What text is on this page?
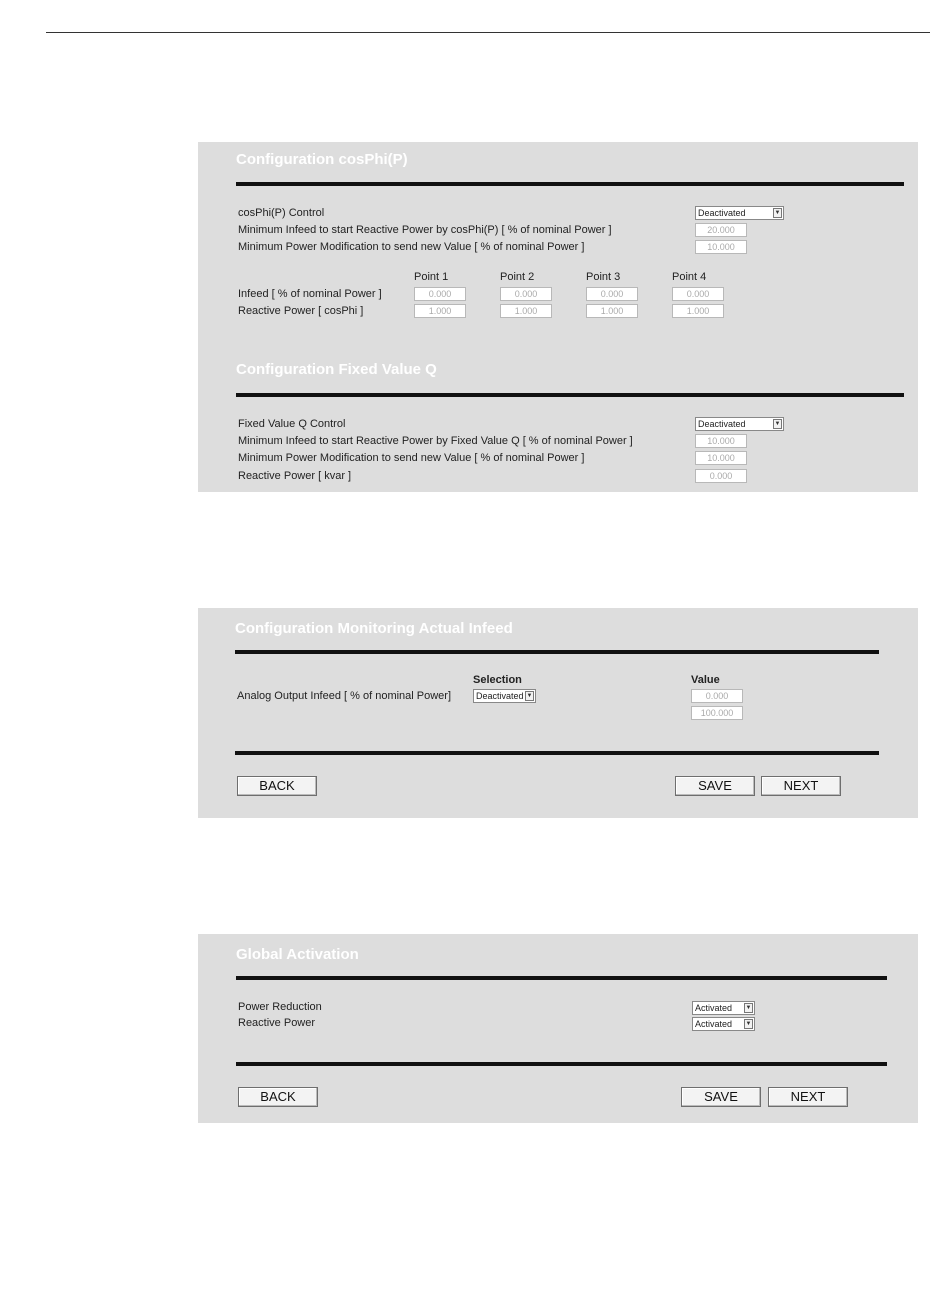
Configuration cosPhi(P)
cosPhi(P) Control	Deactivated	▼
Minimum Infeed to start Reactive Power by cosPhi(P) [ % of nominal Power ]	20.000
Minimum Power Modification to send new Value [ % of nominal Power ]	10.000
Point 1	Point 2	Point 3	Point 4
Infeed [ % of nominal Power ]	0.000	0.000	0.000	0.000
Reactive Power [ cosPhi ]	1.000	1.000	1.000	1.000
Configuration Fixed Value Q
Fixed Value Q Control	Deactivated	▼
Minimum Infeed to start Reactive Power by Fixed Value Q [ % of nominal Power ]	10.000
Minimum Power Modification to send new Value [ % of nominal Power ]	10.000
Reactive Power [ kvar ]	0.000
Configuration Monitoring Actual Infeed
Selection	Value
Analog Output Infeed [ % of nominal Power]	Deactivated ▼	0.000
100.000
BACK	SAVE	NEXT
Global Activation
Power Reduction	Activated ▼
Reactive Power	Activated ▼
BACK	SAVE	NEXT
